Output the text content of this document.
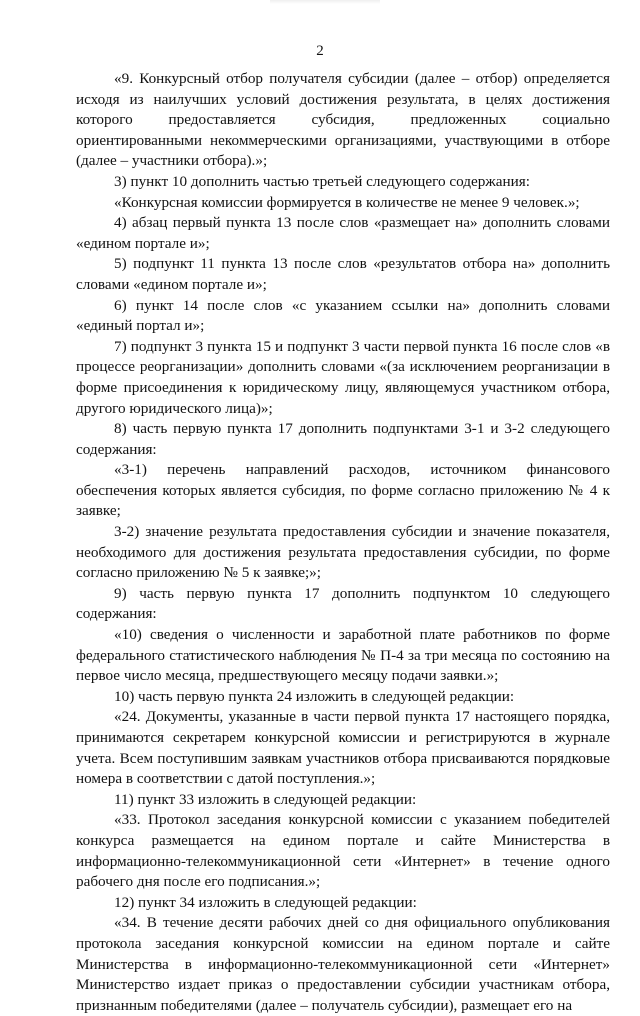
2

«9. Конкурсный отбор получателя субсидии (далее – отбор) определяется исходя из наилучших условий достижения результата, в целях достижения которого предоставляется субсидия, предложенных социально ориентированными некоммерческими организациями, участвующими в отборе (далее – участники отбора).»;

3) пункт 10 дополнить частью третьей следующего содержания:

«Конкурсная комиссии формируется в количестве не менее 9 человек.»;

4) абзац первый пункта 13 после слов «размещает на» дополнить словами «едином портале и»;

5) подпункт 11 пункта 13 после слов «результатов отбора на» дополнить словами «едином портале и»;

6) пункт 14 после слов «с указанием ссылки на» дополнить словами «единый портал и»;

7) подпункт 3 пункта 15 и подпункт 3 части первой пункта 16 после слов «в процессе реорганизации» дополнить словами «(за исключением реорганизации в форме присоединения к юридическому лицу, являющемуся участником отбора, другого юридического лица)»;

8) часть первую пункта 17 дополнить подпунктами 3-1 и 3-2 следующего содержания:

«3-1) перечень направлений расходов, источником финансового обеспечения которых является субсидия, по форме согласно приложению № 4 к заявке;

3-2) значение результата предоставления субсидии и значение показателя, необходимого для достижения результата предоставления субсидии, по форме согласно приложению № 5 к заявке;»;

9) часть первую пункта 17 дополнить подпунктом 10 следующего содержания:

«10) сведения о численности и заработной плате работников по форме федерального статистического наблюдения № П-4 за три месяца по состоянию на первое число месяца, предшествующего месяцу подачи заявки.»;

10) часть первую пункта 24 изложить в следующей редакции:

«24. Документы, указанные в части первой пункта 17 настоящего порядка, принимаются секретарем конкурсной комиссии и регистрируются в журнале учета. Всем поступившим заявкам участников отбора присваиваются порядковые номера в соответствии с датой поступления.»;

11) пункт 33 изложить в следующей редакции:

«33. Протокол заседания конкурсной комиссии с указанием победителей конкурса размещается на едином портале и сайте Министерства в информационно-телекоммуникационной сети «Интернет» в течение одного рабочего дня после его подписания.»;

12) пункт 34 изложить в следующей редакции:

«34. В течение десяти рабочих дней со дня официального опубликования протокола заседания конкурсной комиссии на едином портале и сайте Министерства в информационно-телекоммуникационной сети «Интернет» Министерство издает приказ о предоставлении субсидии участникам отбора, признанным победителями (далее – получатель субсидии), размещает его на
